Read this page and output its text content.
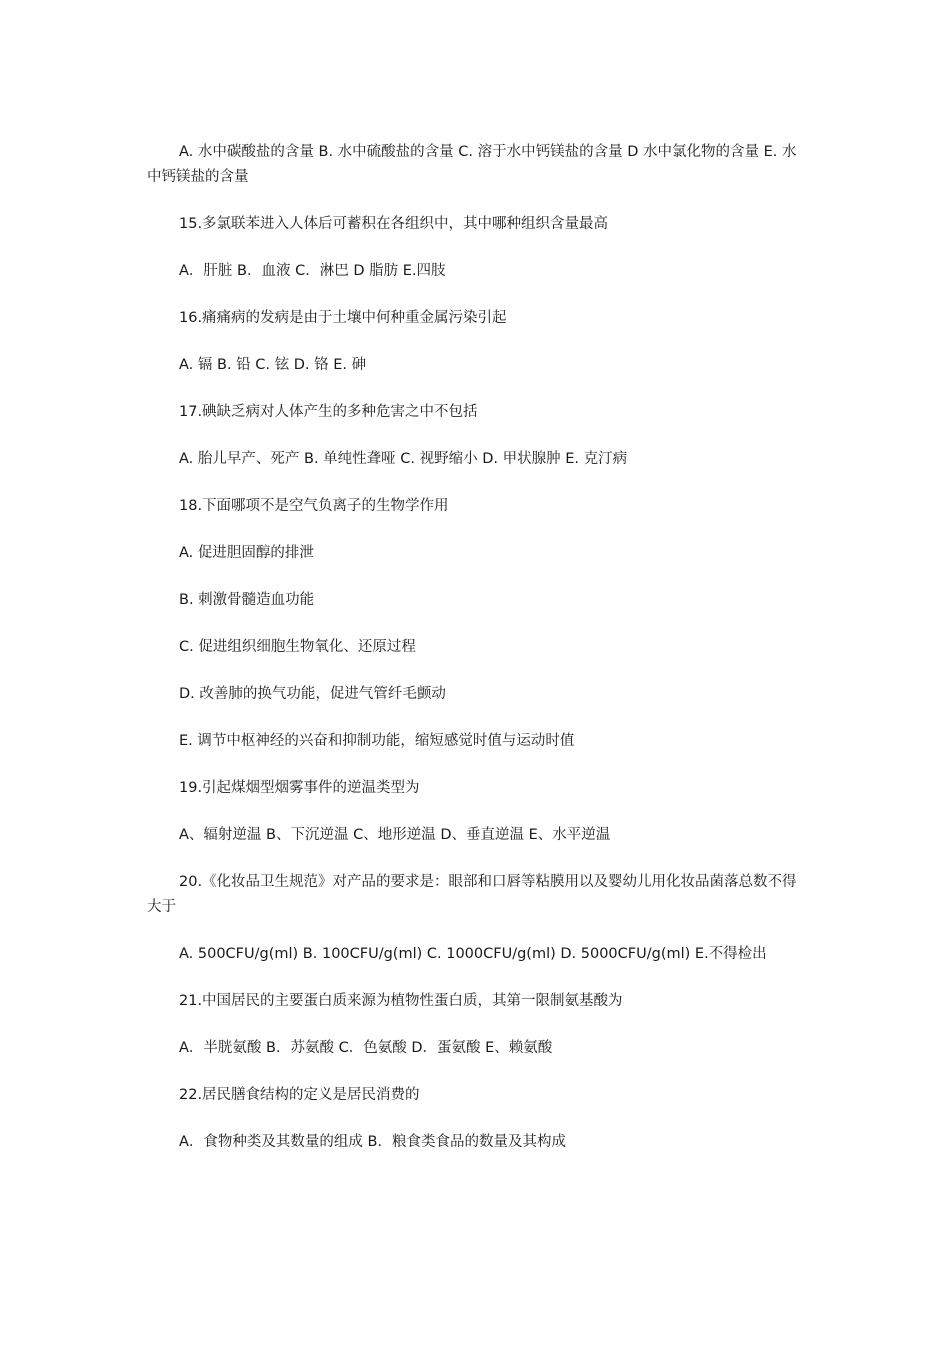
A. 水中碳酸盐的含量 B. 水中硫酸盐的含量 C. 溶于水中钙镁盐的含量 D 水中氯化物的含量 E. 水中钙镁盐的含量

15.多氯联苯进入人体后可蓄积在各组织中，其中哪种组织含量最高

A．肝脏 B．血液 C．淋巴 D 脂肪 E.四肢

16.痛痛病的发病是由于土壤中何种重金属污染引起

A. 镉 B. 铅 C. 铉 D. 铬 E. 砷

17.碘缺乏病对人体产生的多种危害之中不包括

A. 胎儿早产、死产 B. 单纯性聋哑 C. 视野缩小 D. 甲状腺肿 E. 克汀病

18.下面哪项不是空气负离子的生物学作用

A. 促进胆固醇的排泄

B. 刺激骨髓造血功能

C. 促进组织细胞生物氧化、还原过程

D. 改善肺的换气功能，促进气管纤毛颤动

E. 调节中枢神经的兴奋和抑制功能，缩短感觉时值与运动时值

19.引起煤烟型烟雾事件的逆温类型为

A、辐射逆温 B、下沉逆温 C、地形逆温 D、垂直逆温 E、水平逆温

20.《化妆品卫生规范》对产品的要求是：眼部和口唇等粘膜用以及婴幼儿用化妆品菌落总数不得大于

A. 500CFU/g(ml) B. 100CFU/g(ml) C. 1000CFU/g(ml) D. 5000CFU/g(ml) E.不得检出

21.中国居民的主要蛋白质来源为植物性蛋白质，其第一限制氨基酸为

A．半胱氨酸 B．苏氨酸 C．色氨酸 D．蛋氨酸 E、赖氨酸

22.居民膳食结构的定义是居民消费的

A．食物种类及其数量的组成 B．粮食类食品的数量及其构成
